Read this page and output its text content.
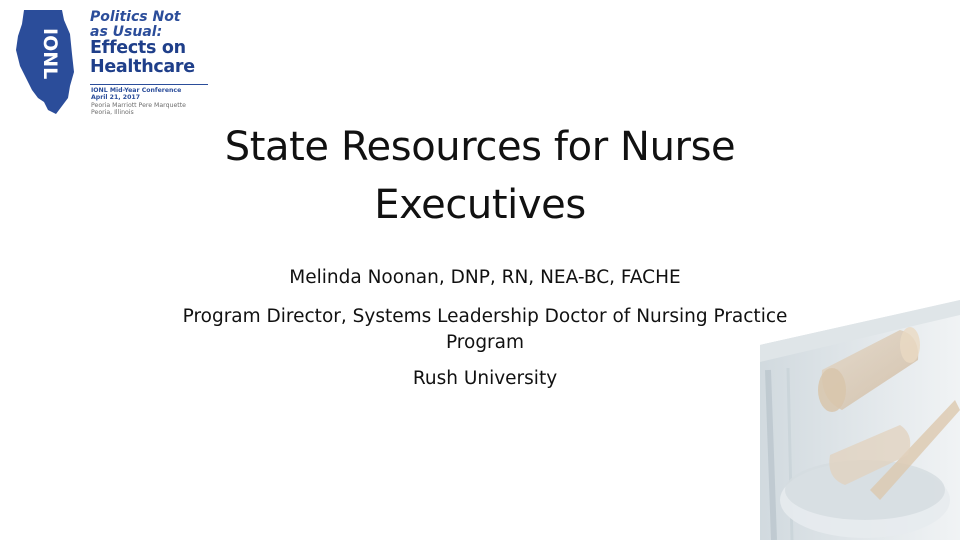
IONL
Politics Not
as Usual:
Effects on
Healthcare
IONL Mid-Year Conference
April 21, 2017
Peoria Marriott Pere Marquette
Peoria, Illinois
State Resources for Nurse Executives

Melinda Noonan, DNP, RN, NEA-BC, FACHE

Program Director, Systems Leadership Doctor of Nursing Practice Program

Rush University
